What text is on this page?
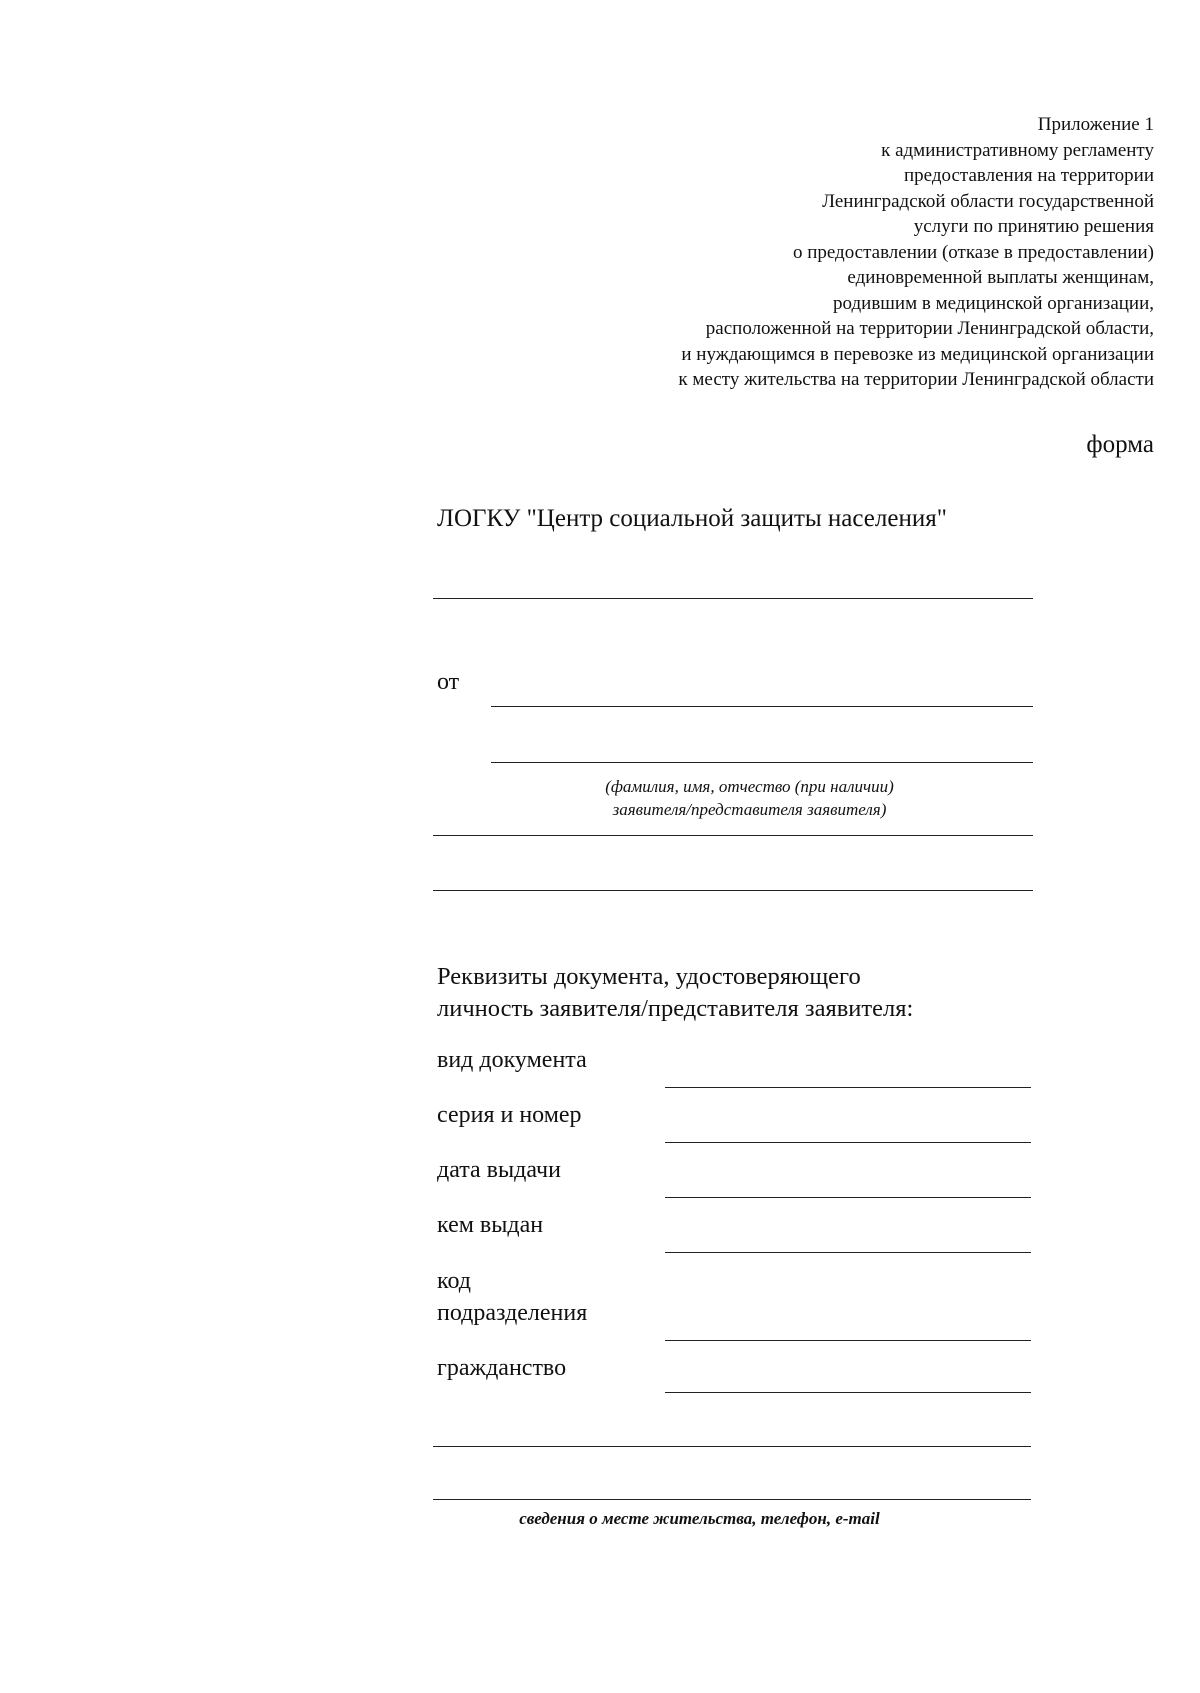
Приложение 1
к административному регламенту
предоставления на территории
Ленинградской области государственной
услуги по принятию решения
о предоставлении (отказе в предоставлении)
единовременной выплаты женщинам,
родившим в медицинской организации,
расположенной на территории Ленинградской области,
и нуждающимся в перевозке из медицинской организации
к месту жительства на территории Ленинградской области
форма
ЛОГКУ "Центр социальной защиты населения"
от
(фамилия, имя, отчество (при наличии)
заявителя/представителя заявителя)
Реквизиты документа, удостоверяющего
личность заявителя/представителя заявителя:
вид документа
серия и номер
дата выдачи
кем выдан
код
подразделения
гражданство
сведения о месте жительства, телефон, e-mail
